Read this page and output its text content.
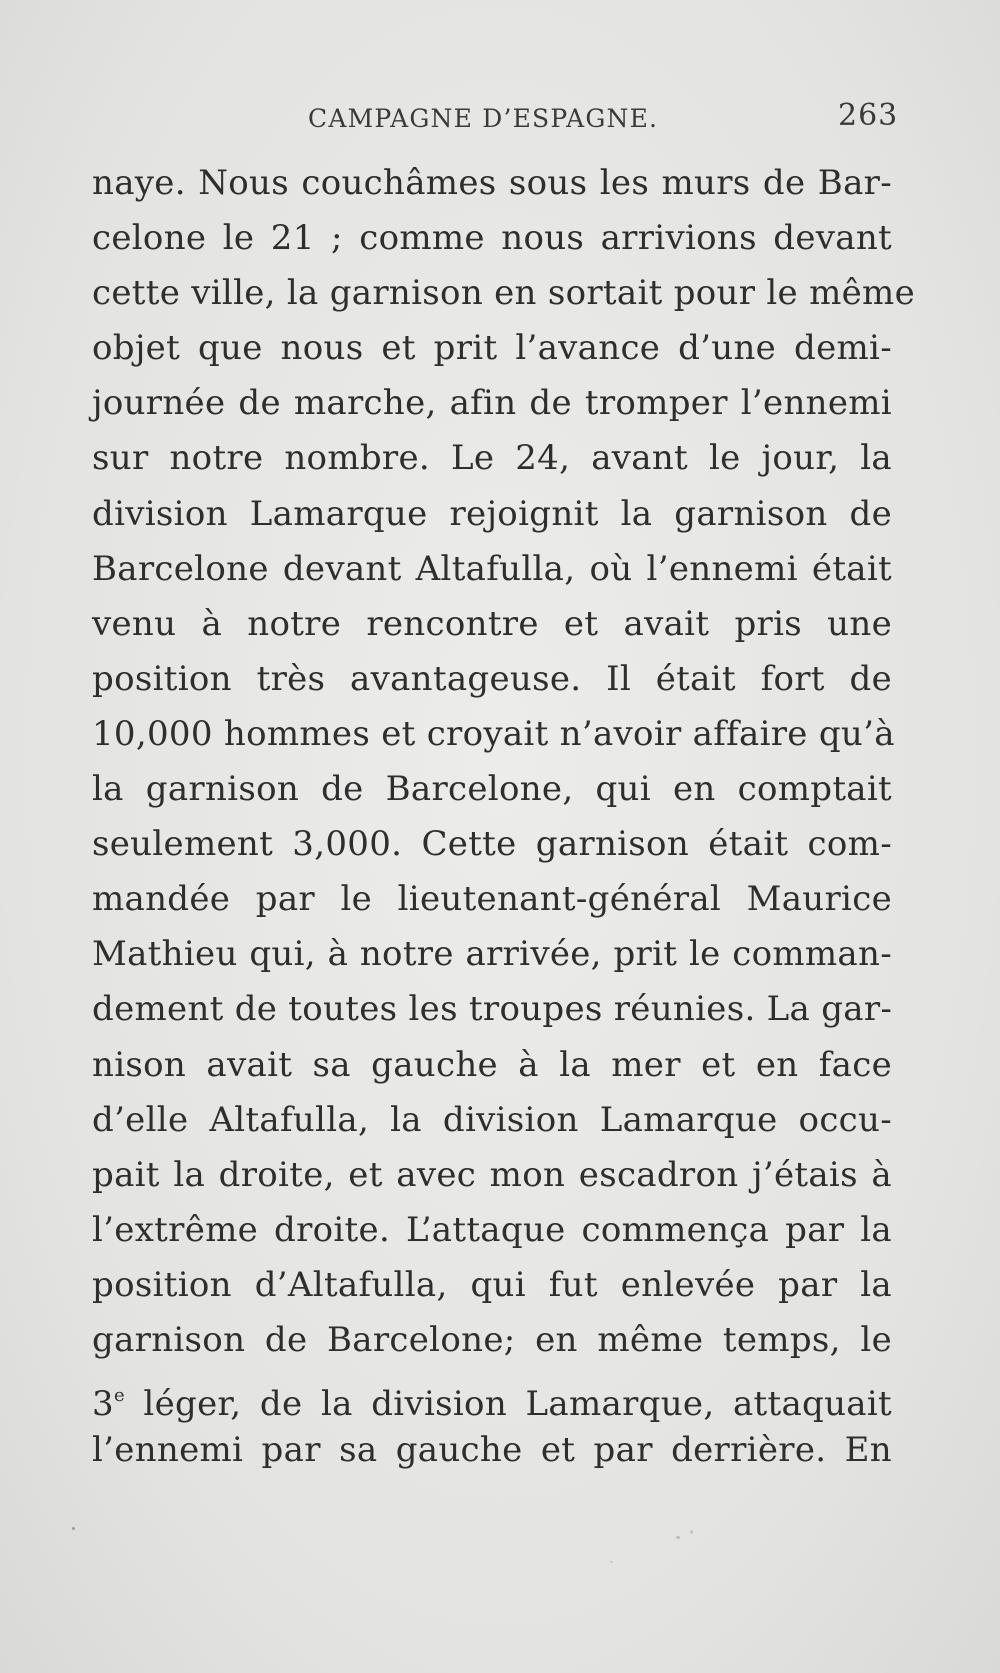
CAMPAGNE D’ESPAGNE.	263
naye. Nous couchâmes sous les murs de Bar-
celone le 21 ; comme nous arrivions devant
cette ville, la garnison en sortait pour le même
objet que nous et prit l’avance d’une demi-
journée de marche, afin de tromper l’ennemi
sur notre nombre. Le 24, avant le jour, la
division Lamarque rejoignit la garnison de
Barcelone devant Altafulla, où l’ennemi était
venu à notre rencontre et avait pris une
position très avantageuse. Il était fort de
10,000 hommes et croyait n’avoir affaire qu’à
la garnison de Barcelone, qui en comptait
seulement 3,000. Cette garnison était com-
mandée par le lieutenant-général Maurice
Mathieu qui, à notre arrivée, prit le comman-
dement de toutes les troupes réunies. La gar-
nison avait sa gauche à la mer et en face
d’elle Altafulla, la division Lamarque occu-
pait la droite, et avec mon escadron j’étais à
l’extrême droite. L’attaque commença par la
position d’Altafulla, qui fut enlevée par la
garnison de Barcelone; en même temps, le
3e léger, de la division Lamarque, attaquait
l’ennemi par sa gauche et par derrière. En
